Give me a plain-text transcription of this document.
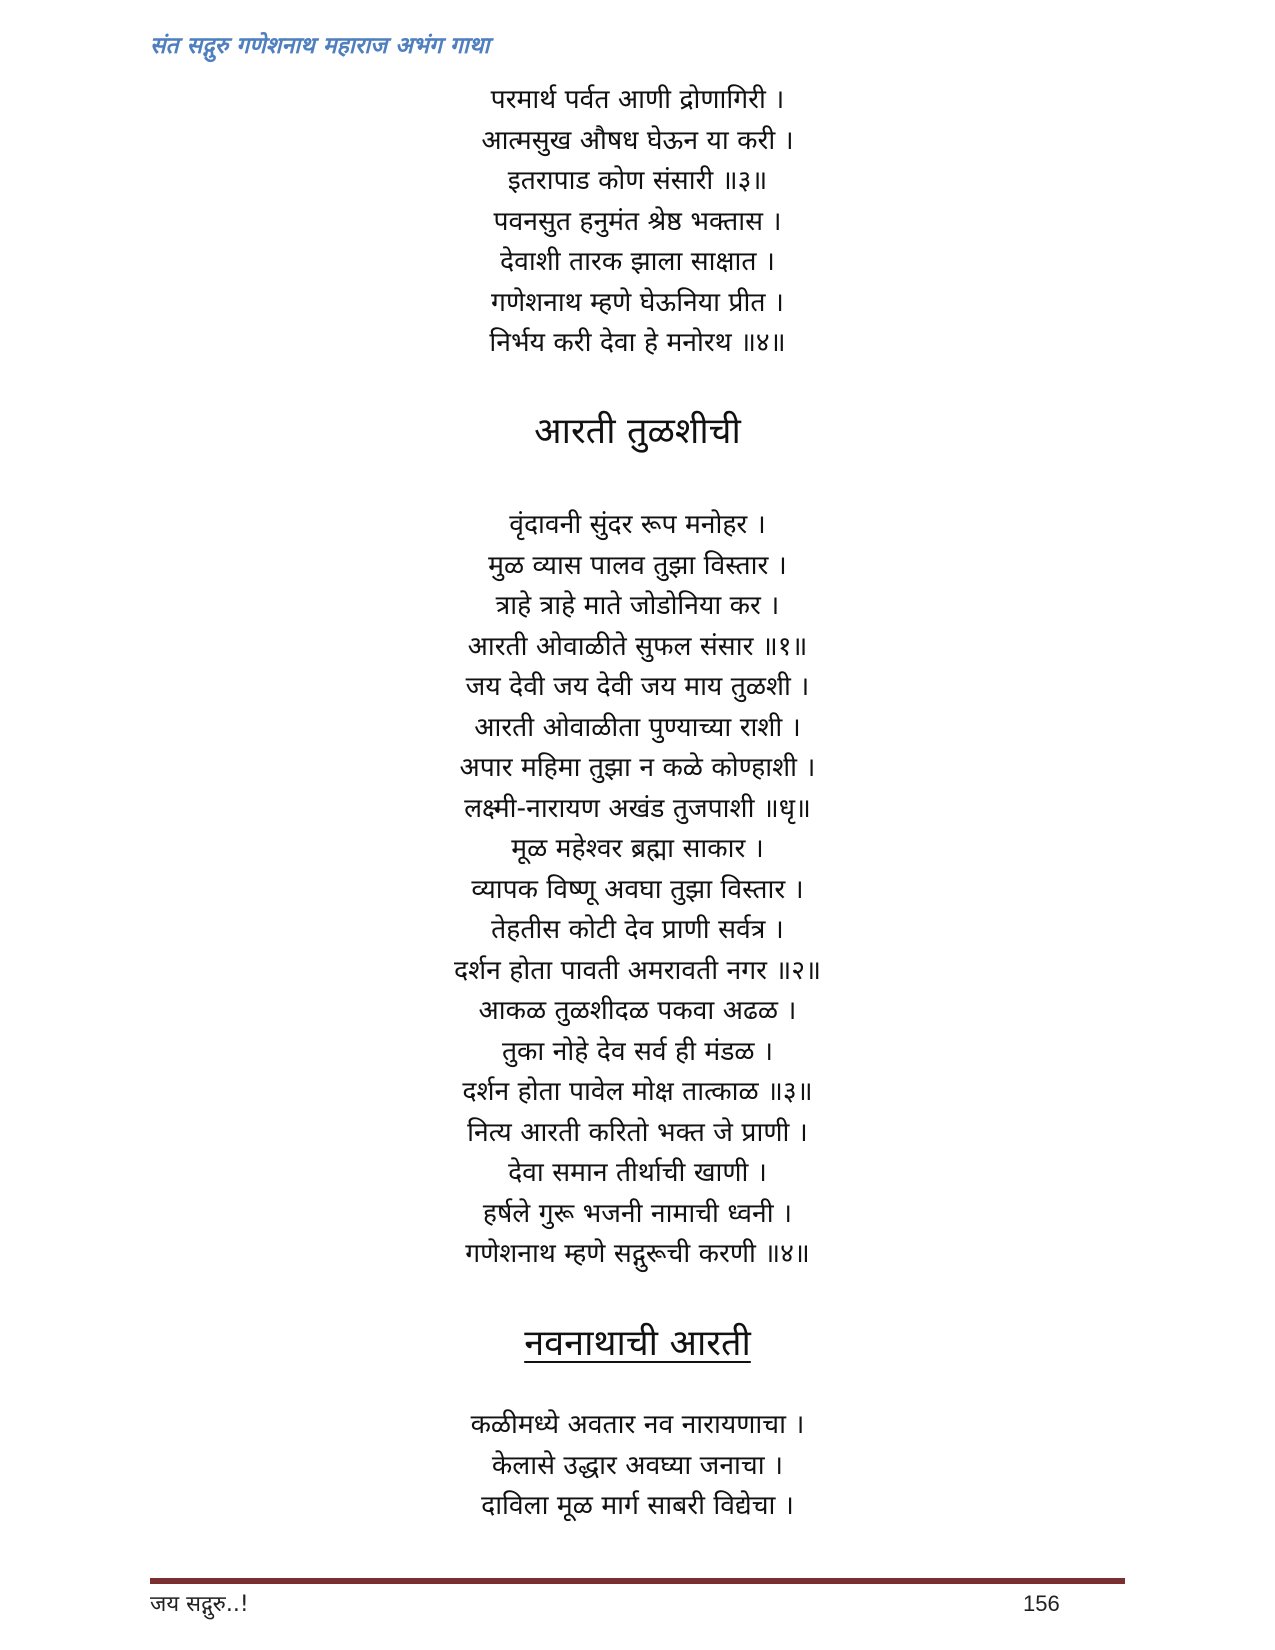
संत सद्गुरु गणेशनाथ महाराज अभंग गाथा

परमार्थ पर्वत आणी द्रोणागिरी ।

आत्मसुख औषध घेऊन या करी ।

इतरापाड कोण संसारी ॥३॥

पवनसुत हनुमंत श्रेष्ठ भक्तास ।

देवाशी तारक झाला साक्षात ।

गणेशनाथ म्हणे घेऊनिया प्रीत ।

निर्भय करी देवा हे मनोरथ ॥४॥

आरती तुळशीची

वृंदावनी सुंदर रूप मनोहर ।

मुळ व्यास पालव तुझा विस्तार ।

त्राहे त्राहे माते जोडोनिया कर ।

आरती ओवाळीते सुफल संसार ॥१॥

जय देवी जय देवी जय माय तुळशी ।

आरती ओवाळीता पुण्याच्या राशी ।

अपार महिमा तुझा न कळे कोण्हाशी ।

लक्ष्मी-नारायण अखंड तुजपाशी ॥धृ॥

मूळ महेश्वर ब्रह्मा साकार ।

व्यापक विष्णू अवघा तुझा विस्तार ।

तेहतीस कोटी देव प्राणी सर्वत्र ।

दर्शन होता पावती अमरावती नगर ॥२॥

आकळ तुळशीदळ पकवा अढळ ।

तुका नोहे देव सर्व ही मंडळ ।

दर्शन होता पावेल मोक्ष तात्काळ ॥३॥

नित्य आरती करितो भक्त जे प्राणी ।

देवा समान तीर्थाची खाणी ।

हर्षले गुरू भजनी नामाची ध्वनी ।

गणेशनाथ म्हणे सद्गुरूची करणी ॥४॥

नवनाथाची आरती

कळीमध्ये अवतार नव नारायणाचा ।

केलासे उद्धार अवघ्या जनाचा ।

दाविला मूळ मार्ग साबरी विद्येचा ।

जय सद्गुरु..!	156
